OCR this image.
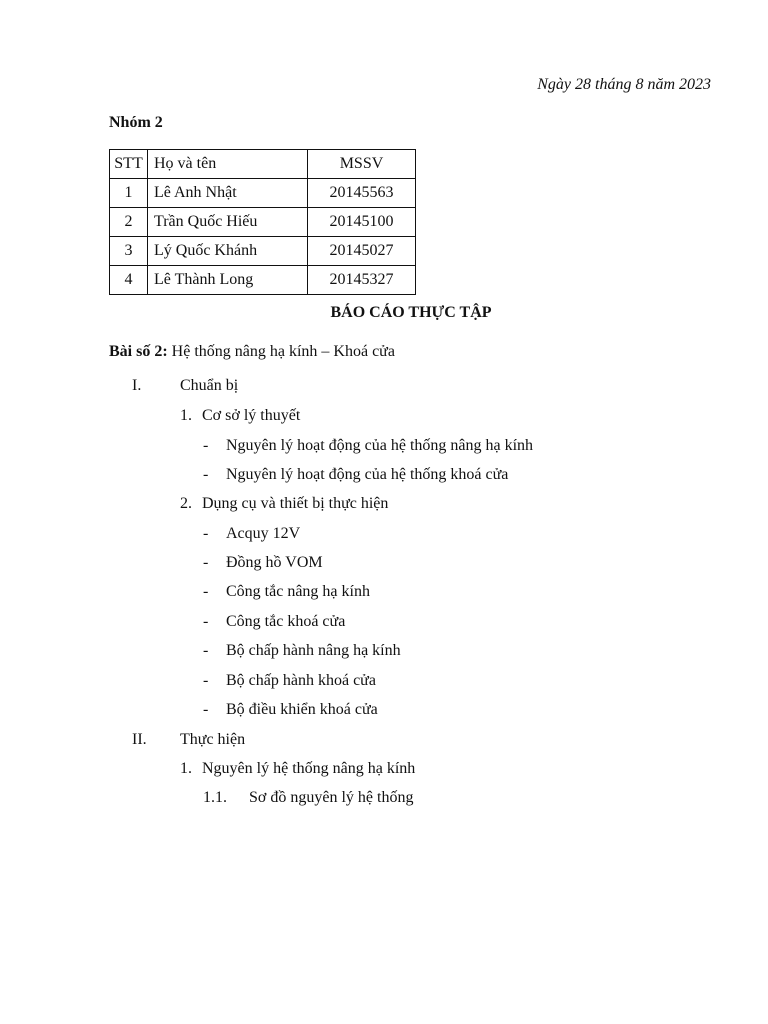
Ngày 28 tháng 8 năm 2023
Nhóm 2
STT	Họ và tên	MSSV
1	Lê Anh Nhật	20145563
2	Trần Quốc Hiếu	20145100
3	Lý Quốc Khánh	20145027
4	Lê Thành Long	20145327
BÁO CÁO THỰC TẬP
Bài số 2: Hệ thống nâng hạ kính – Khoá cửa
I. Chuẩn bị
1. Cơ sở lý thuyết
- Nguyên lý hoạt động của hệ thống nâng hạ kính
- Nguyên lý hoạt động của hệ thống khoá cửa
2. Dụng cụ và thiết bị thực hiện
- Acquy 12V
- Đồng hồ VOM
- Công tắc nâng hạ kính
- Công tắc khoá cửa
- Bộ chấp hành nâng hạ kính
- Bộ chấp hành khoá cửa
- Bộ điều khiển khoá cửa
II. Thực hiện
1. Nguyên lý hệ thống nâng hạ kính
1.1. Sơ đồ nguyên lý hệ thống
